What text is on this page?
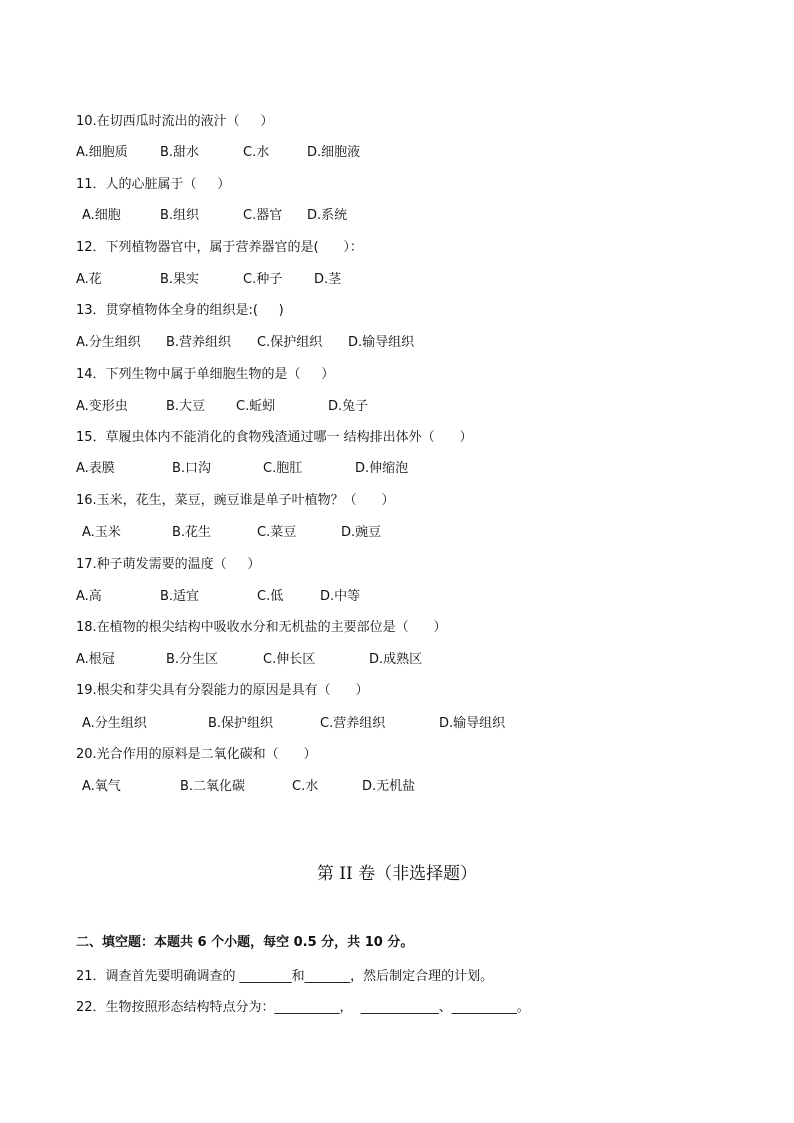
10.在切西瓜时流出的液汁（     ）
A.细胞质 B.甜水	C.水	D.细胞液
11．人的心脏属于（     ）
A.细胞	B.组织	C.器官 D.系统
12．下列植物器官中，属于营养器官的是(      ）：
A.花	B.果实	C.种子 D.茎
13．贯穿植物体全身的组织是:(     )
A.分生组织 B.营养组织 C.保护组织 D.输导组织
14．下列生物中属于单细胞生物的是（     ）
A.变形虫	B.大豆 C.蚯蚓	D.兔子
15．草履虫体内不能消化的食物残渣通过哪一 结构排出体外（      ）
A.表膜	B.口沟	C.胞肛	D.伸缩泡
16.玉米，花生，菜豆，豌豆谁是单子叶植物？（      ）
A.玉米	B.花生	C.菜豆	D.豌豆
17.种子萌发需要的温度（     ）
A.高	B.适宜	C.低	D.中等
18.在植物的根尖结构中吸收水分和无机盐的主要部位是（      ）
A.根冠	B.分生区	C.伸长区	D.成熟区
19.根尖和芽尖具有分裂能力的原因是具有（      ）
A.分生组织	B.保护组织	C.营养组织	D.输导组织
20.光合作用的原料是二氧化碳和（      ）
A.氧气	B.二氧化碳	C.水	D.无机盐
第 II 卷（非选择题）
二、填空题：本题共 6 个小题，每空 0.5 分，共 10 分。
21．调查首先要明确调查的 ________和_______，然后制定合理的计划。
22．生物按照形态结构特点分为：__________，  ____________、__________。
